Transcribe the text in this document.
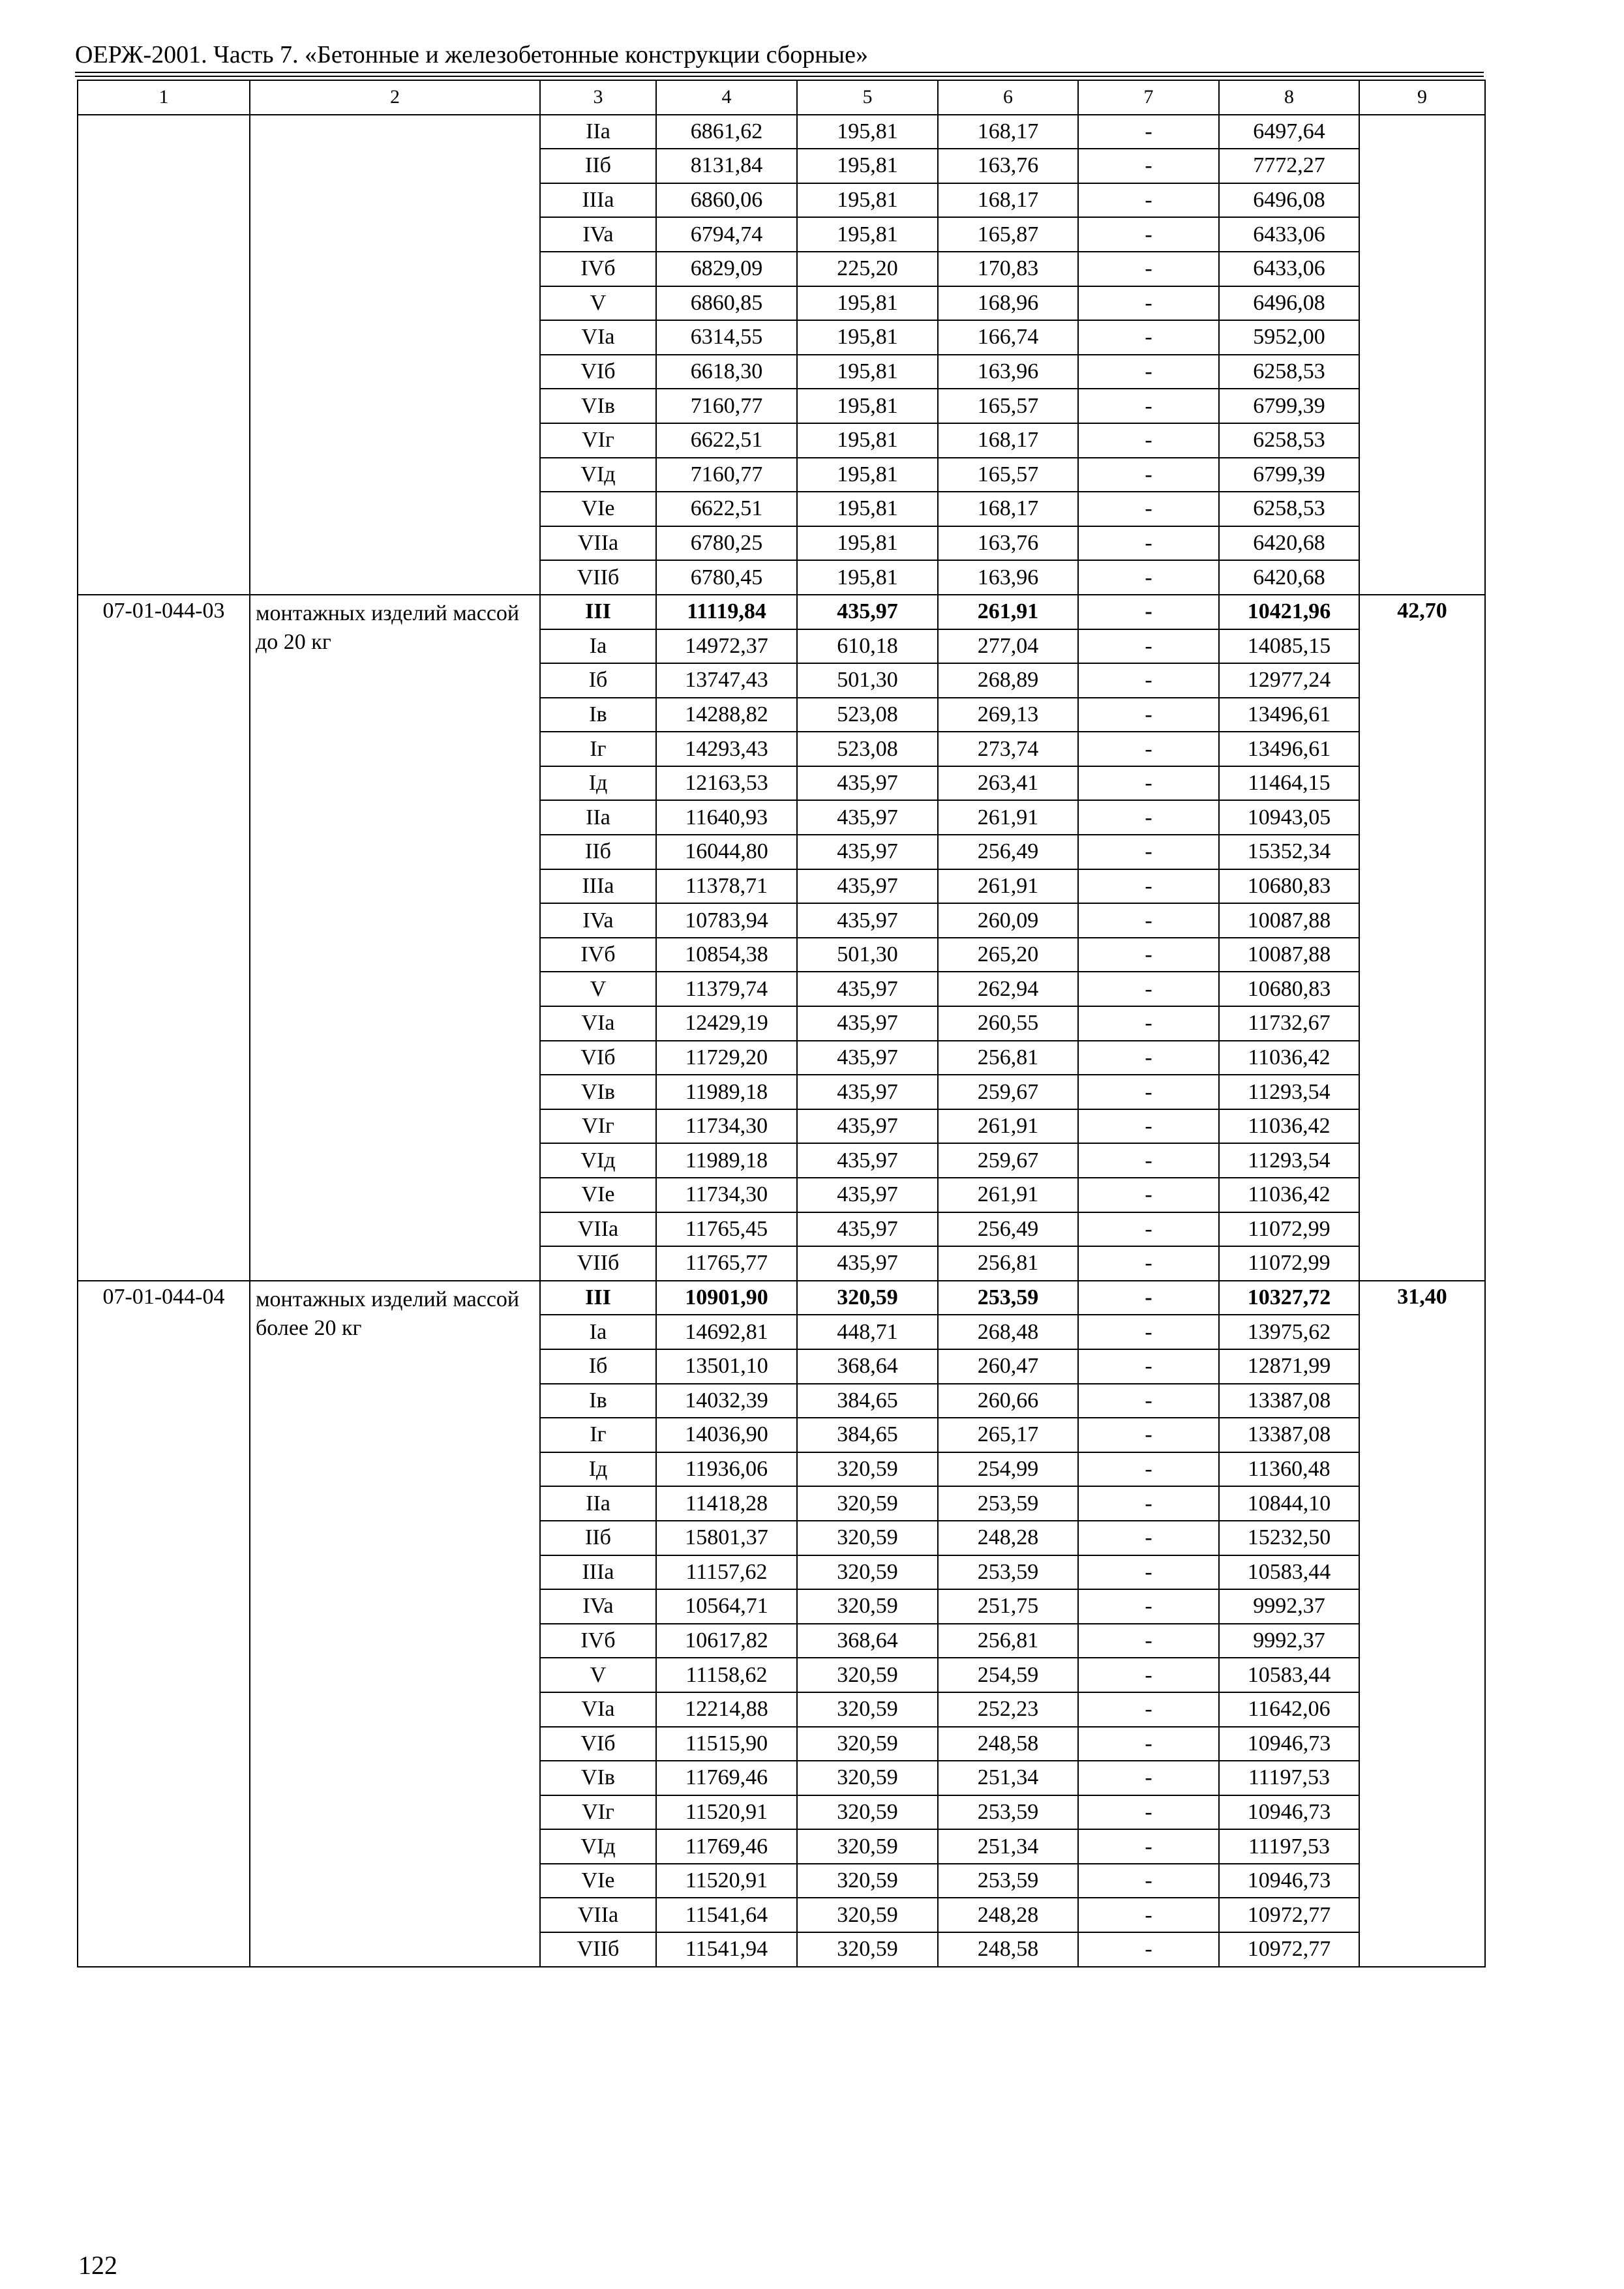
ОЕРЖ-2001. Часть 7. «Бетонные и железобетонные конструкции сборные»
1	2	3	4	5	6	7	8	9
		IIa	6861,62	195,81	168,17	-	6497,64	
		IIб	8131,84	195,81	163,76	-	7772,27	
		IIIa	6860,06	195,81	168,17	-	6496,08	
		IVa	6794,74	195,81	165,87	-	6433,06	
		IVб	6829,09	225,20	170,83	-	6433,06	
		V	6860,85	195,81	168,96	-	6496,08	
		VIa	6314,55	195,81	166,74	-	5952,00	
		VIб	6618,30	195,81	163,96	-	6258,53	
		VIв	7160,77	195,81	165,57	-	6799,39	
		VIг	6622,51	195,81	168,17	-	6258,53	
		VIд	7160,77	195,81	165,57	-	6799,39	
		VIe	6622,51	195,81	168,17	-	6258,53	
		VIIa	6780,25	195,81	163,76	-	6420,68	
		VIIб	6780,45	195,81	163,96	-	6420,68	
07-01-044-03	монтажных изделий массой до 20 кг	III	11119,84	435,97	261,91	-	10421,96	42,70
		Ia	14972,37	610,18	277,04	-	14085,15	
		Iб	13747,43	501,30	268,89	-	12977,24	
		Iв	14288,82	523,08	269,13	-	13496,61	
		Iг	14293,43	523,08	273,74	-	13496,61	
		Iд	12163,53	435,97	263,41	-	11464,15	
		IIa	11640,93	435,97	261,91	-	10943,05	
		IIб	16044,80	435,97	256,49	-	15352,34	
		IIIa	11378,71	435,97	261,91	-	10680,83	
		IVa	10783,94	435,97	260,09	-	10087,88	
		IVб	10854,38	501,30	265,20	-	10087,88	
		V	11379,74	435,97	262,94	-	10680,83	
		VIa	12429,19	435,97	260,55	-	11732,67	
		VIб	11729,20	435,97	256,81	-	11036,42	
		VIв	11989,18	435,97	259,67	-	11293,54	
		VIг	11734,30	435,97	261,91	-	11036,42	
		VIд	11989,18	435,97	259,67	-	11293,54	
		VIe	11734,30	435,97	261,91	-	11036,42	
		VIIa	11765,45	435,97	256,49	-	11072,99	
		VIIб	11765,77	435,97	256,81	-	11072,99	
07-01-044-04	монтажных изделий массой более 20 кг	III	10901,90	320,59	253,59	-	10327,72	31,40
		Ia	14692,81	448,71	268,48	-	13975,62	
		Iб	13501,10	368,64	260,47	-	12871,99	
		Iв	14032,39	384,65	260,66	-	13387,08	
		Iг	14036,90	384,65	265,17	-	13387,08	
		Iд	11936,06	320,59	254,99	-	11360,48	
		IIa	11418,28	320,59	253,59	-	10844,10	
		IIб	15801,37	320,59	248,28	-	15232,50	
		IIIa	11157,62	320,59	253,59	-	10583,44	
		IVa	10564,71	320,59	251,75	-	9992,37	
		IVб	10617,82	368,64	256,81	-	9992,37	
		V	11158,62	320,59	254,59	-	10583,44	
		VIa	12214,88	320,59	252,23	-	11642,06	
		VIб	11515,90	320,59	248,58	-	10946,73	
		VIв	11769,46	320,59	251,34	-	11197,53	
		VIг	11520,91	320,59	253,59	-	10946,73	
		VIд	11769,46	320,59	251,34	-	11197,53	
		VIe	11520,91	320,59	253,59	-	10946,73	
		VIIa	11541,64	320,59	248,28	-	10972,77	
		VIIб	11541,94	320,59	248,58	-	10972,77	
122
